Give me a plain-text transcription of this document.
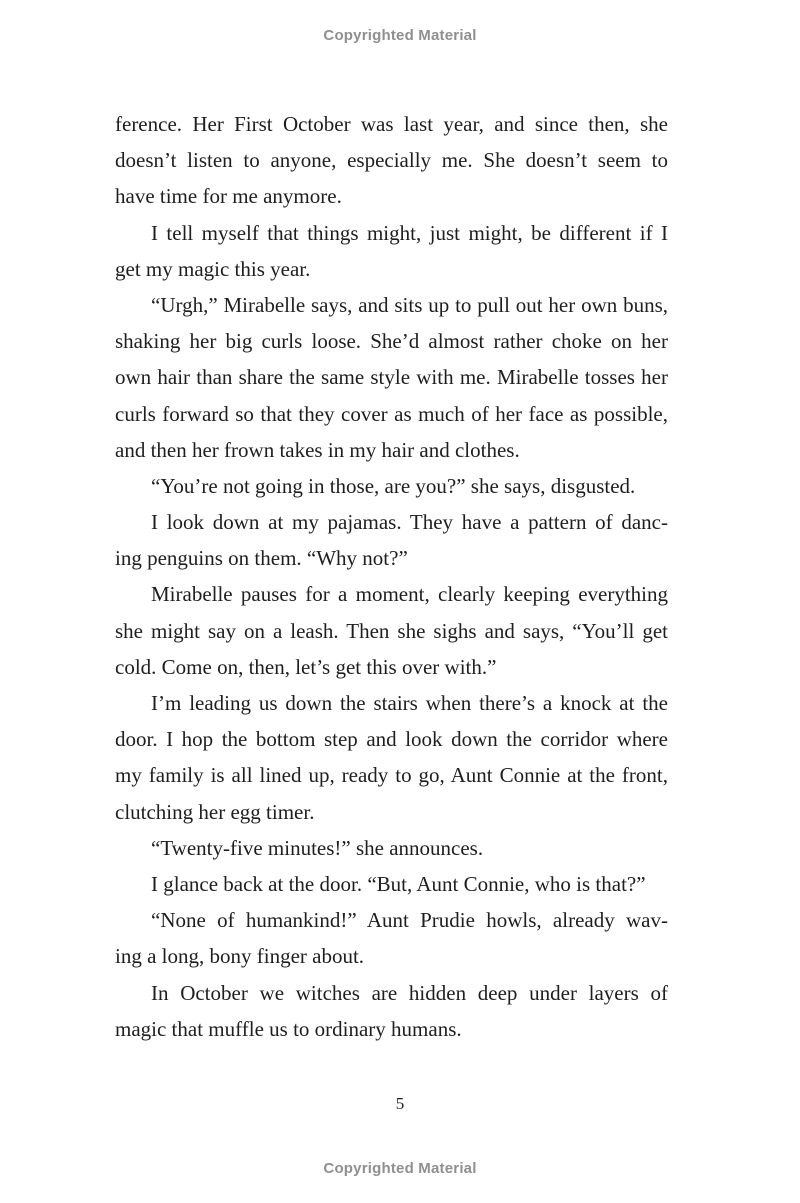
Copyrighted Material
ference. Her First October was last year, and since then, she
doesn’t listen to anyone, especially me. She doesn’t seem to
have time for me anymore.
I tell myself that things might, just might, be different if I
get my magic this year.
“Urgh,” Mirabelle says, and sits up to pull out her own buns,
shaking her big curls loose. She’d almost rather choke on her
own hair than share the same style with me. Mirabelle tosses her
curls forward so that they cover as much of her face as possible,
and then her frown takes in my hair and clothes.
“You’re not going in those, are you?” she says, disgusted.
I look down at my pajamas. They have a pattern of danc-
ing penguins on them. “Why not?”
Mirabelle pauses for a moment, clearly keeping everything
she might say on a leash. Then she sighs and says, “You’ll get
cold. Come on, then, let’s get this over with.”
I’m leading us down the stairs when there’s a knock at the
door. I hop the bottom step and look down the corridor where
my family is all lined up, ready to go, Aunt Connie at the front,
clutching her egg timer.
“Twenty-five minutes!” she announces.
I glance back at the door. “But, Aunt Connie, who is that?”
“None of humankind!” Aunt Prudie howls, already wav-
ing a long, bony finger about.
In October we witches are hidden deep under layers of
magic that muffle us to ordinary humans.
5
Copyrighted Material
